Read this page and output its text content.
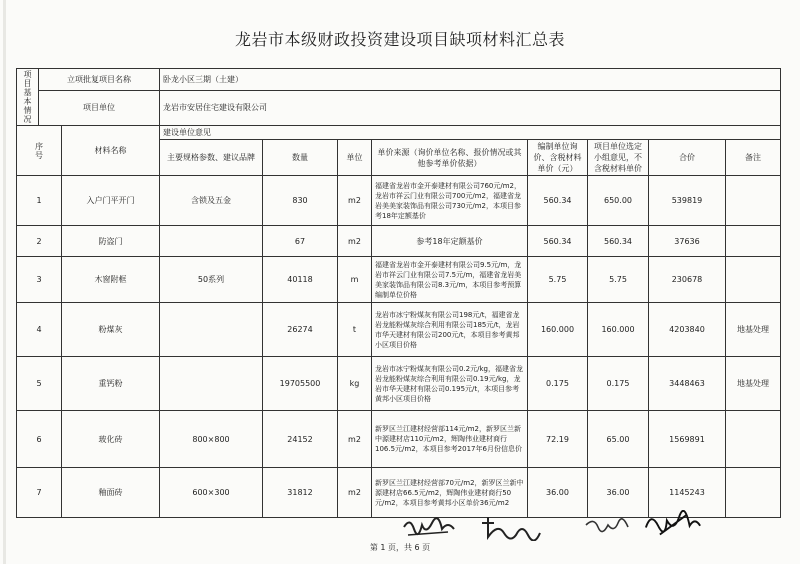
龙岩市本级财政投资建设项目缺项材料汇总表
项目基本情况	立项批复项目名称		卧龙小区三期（土建）							
	项目单位		龙岩市安居住宅建设有限公司							

序号		材料名称	建设单位意见							
			主要规格参数、建议品牌	数量	单位	单价来源（询价单位名称、报价情况或其他参考单价依据）	编制单位询价、含税材料单价（元）	项目单位选定小组意见，不含税材料单价	合价	备注
1		入户门平开门	含锁及五金	830	m2	福建省龙岩市金开泰建材有限公司760元/m2，龙岩市祥云门业有限公司700元/m2，福建省龙岩美美家装饰品有限公司730元/m2，本项目参考18年定额基价	560.34	650.00	539819	
2		防盗门		67	m2	参考18年定额基价	560.34	560.34	37636	
3		木窗附框	50系列	40118	m	福建省龙岩市金开泰建材有限公司9.5元/m，龙岩市祥云门业有限公司7.5元/m，福建省龙岩美美家装饰品有限公司8.3元/m，本项目参考预算编制单位价格	5.75	5.75	230678	
4		粉煤灰		26274	t	龙岩市冰宁粉煤灰有限公司198元/t，福建省龙岩龙能粉煤灰综合利用有限公司185元/t，龙岩市华天建材有限公司200元/t，本项目参考黄邦小区项目价格	160.000	160.000	4203840	地基处理
5		重钙粉		19705500	kg	龙岩市冰宁粉煤灰有限公司0.2元/kg，福建省龙岩龙能粉煤灰综合利用有限公司0.19元/kg，龙岩市华天建材有限公司0.195元/t，本项目参考黄邦小区项目价格	0.175	0.175	3448463	地基处理
6		玻化砖	800×800	24152	m2	新罗区兰江建材经营部114元/m2，新罗区兰新中源建材店110元/m2，辉陶伟业建材商行106.5元/m2，本项目参考2017年6月份信息价	72.19	65.00	1569891	
7		釉面砖	600×300	31812	m2	新罗区兰江建材经营部70元/m2，新罗区兰新中源建材店66.5元/m2，辉陶伟业建材商行50元/m2，本项目参考黄邦小区单价36元/m2	36.00	36.00	1145243	
第 1 页，共 6 页
